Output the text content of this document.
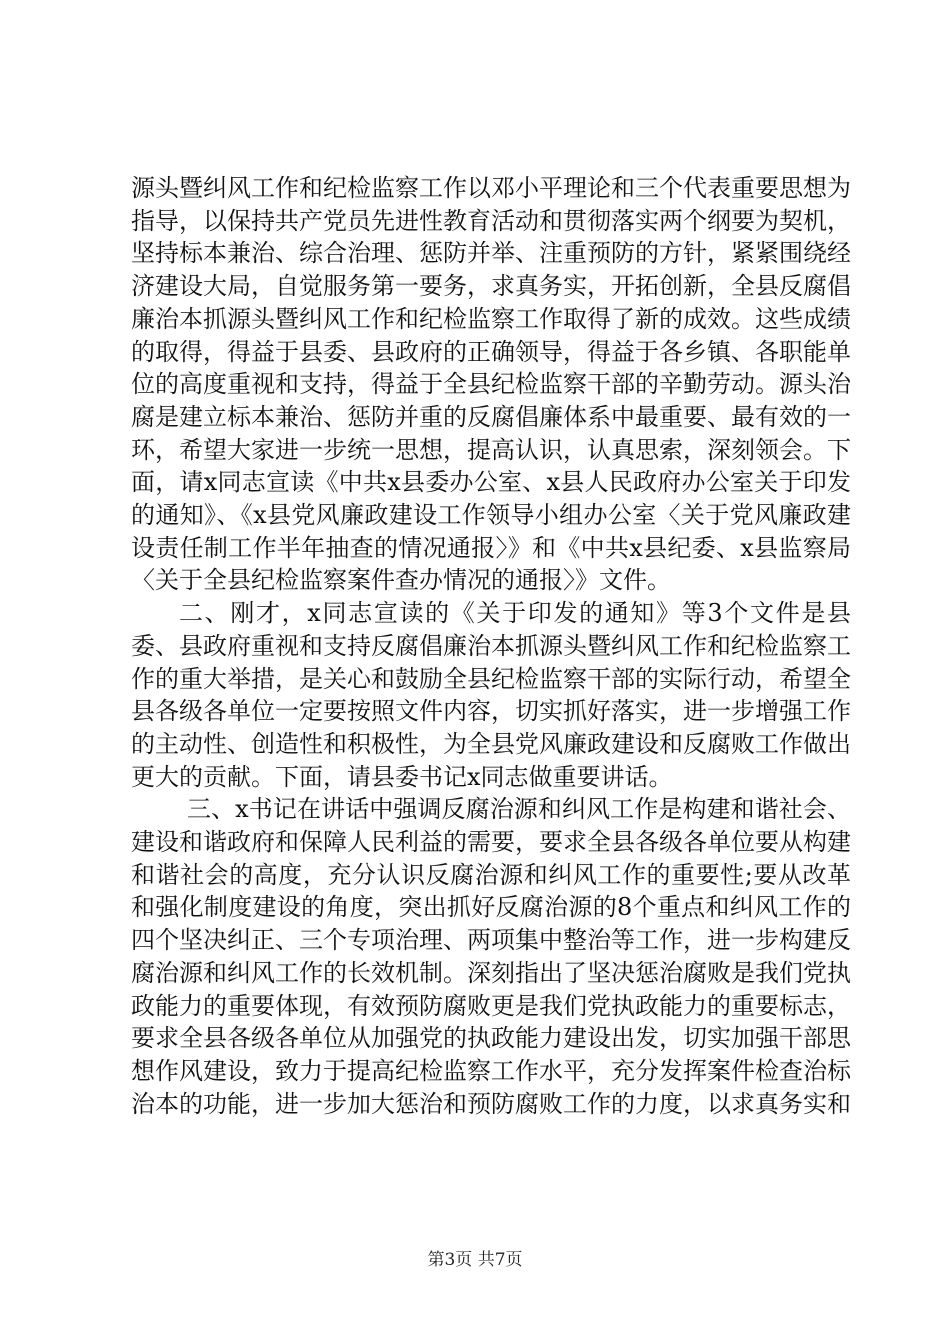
源头暨纠风工作和纪检监察工作以邓小平理论和三个代表重要思想为指导，以保持共产党员先进性教育活动和贯彻落实两个纲要为契机，坚持标本兼治、综合治理、惩防并举、注重预防的方针，紧紧围绕经济建设大局，自觉服务第一要务，求真务实，开拓创新，全县反腐倡廉治本抓源头暨纠风工作和纪检监察工作取得了新的成效。这些成绩的取得，得益于县委、县政府的正确领导，得益于各乡镇、各职能单位的高度重视和支持，得益于全县纪检监察干部的辛勤劳动。源头治腐是建立标本兼治、惩防并重的反腐倡廉体系中最重要、最有效的一环，希望大家进一步统一思想，提高认识，认真思索，深刻领会。下面，请x同志宣读《中共x县委办公室、x县人民政府办公室关于印发的通知》、《x县党风廉政建设工作领导小组办公室〈关于党风廉政建设责任制工作半年抽查的情况通报〉》和《中共x县纪委、x县监察局〈关于全县纪检监察案件查办情况的通报〉》文件。

二、刚才，x同志宣读的《关于印发的通知》等3个文件是县委、县政府重视和支持反腐倡廉治本抓源头暨纠风工作和纪检监察工作的重大举措，是关心和鼓励全县纪检监察干部的实际行动，希望全县各级各单位一定要按照文件内容，切实抓好落实，进一步增强工作的主动性、创造性和积极性，为全县党风廉政建设和反腐败工作做出更大的贡献。下面，请县委书记x同志做重要讲话。

三、x书记在讲话中强调反腐治源和纠风工作是构建和谐社会、建设和谐政府和保障人民利益的需要，要求全县各级各单位要从构建和谐社会的高度，充分认识反腐治源和纠风工作的重要性;要从改革和强化制度建设的角度，突出抓好反腐治源的8个重点和纠风工作的四个坚决纠正、三个专项治理、两项集中整治等工作，进一步构建反腐治源和纠风工作的长效机制。深刻指出了坚决惩治腐败是我们党执政能力的重要体现，有效预防腐败更是我们党执政能力的重要标志，要求全县各级各单位从加强党的执政能力建设出发，切实加强干部思想作风建设，致力于提高纪检监察工作水平，充分发挥案件检查治标治本的功能，进一步加大惩治和预防腐败工作的力度，以求真务实和

第3页 共7页
